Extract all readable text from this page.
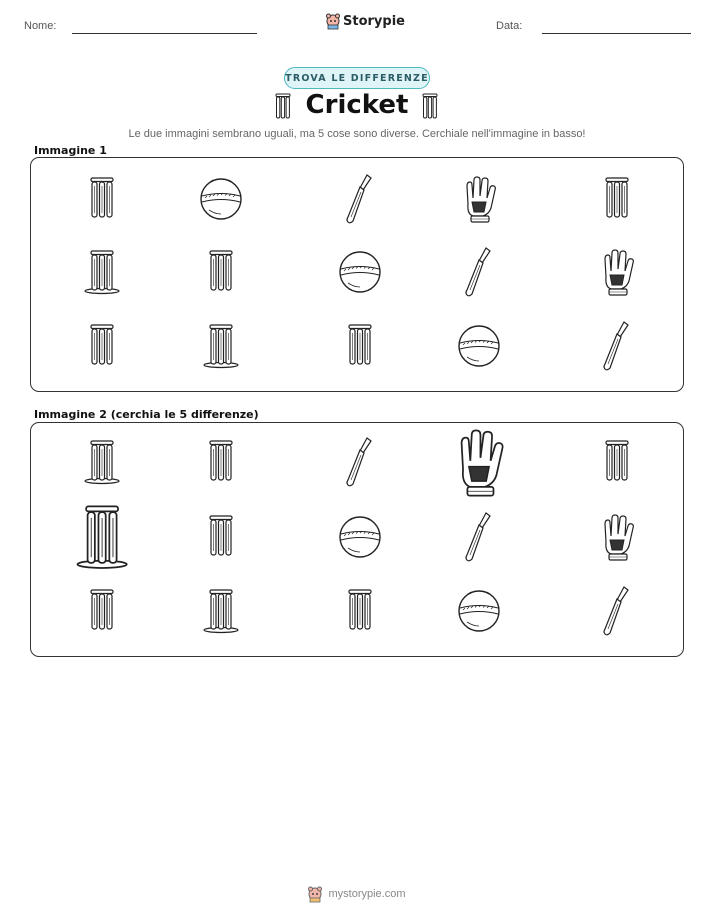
Nome:	Storypie	Data:
TROVA LE DIFFERENZE
Cricket
Le due immagini sembrano uguali, ma 5 cose sono diverse. Cerchiale nell'immagine in basso!
Immagine 1
Immagine 2 (cerchia le 5 differenze)
mystorypie.com
